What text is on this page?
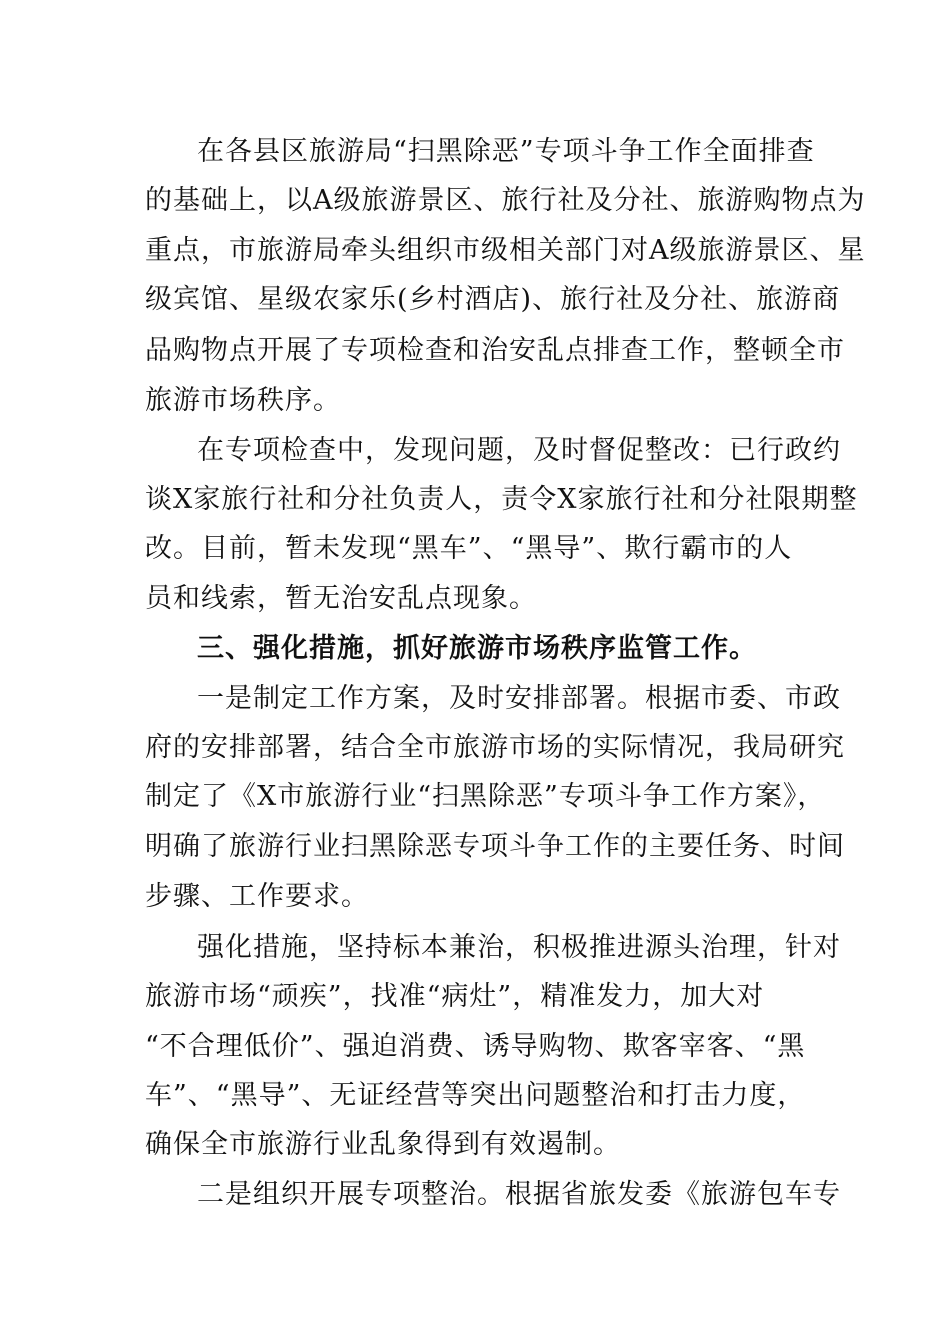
在各县区旅游局“扫黑除恶”专项斗争工作全面排查
的基础上，以A级旅游景区、旅行社及分社、旅游购物点为
重点，市旅游局牵头组织市级相关部门对A级旅游景区、星
级宾馆、星级农家乐(乡村酒店)、旅行社及分社、旅游商
品购物点开展了专项检查和治安乱点排查工作，整顿全市
旅游市场秩序。
在专项检查中，发现问题，及时督促整改：已行政约
谈X家旅行社和分社负责人，责令X家旅行社和分社限期整
改。目前，暂未发现“黑车”、“黑导”、欺行霸市的人
员和线索，暂无治安乱点现象。
三、强化措施，抓好旅游市场秩序监管工作。
一是制定工作方案，及时安排部署。根据市委、市政
府的安排部署，结合全市旅游市场的实际情况，我局研究
制定了《X市旅游行业“扫黑除恶”专项斗争工作方案》，
明确了旅游行业扫黑除恶专项斗争工作的主要任务、时间
步骤、工作要求。
强化措施，坚持标本兼治，积极推进源头治理，针对
旅游市场“顽疾”，找准“病灶”，精准发力，加大对
“不合理低价”、强迫消费、诱导购物、欺客宰客、“黑
车”、“黑导”、无证经营等突出问题整治和打击力度，
确保全市旅游行业乱象得到有效遏制。
二是组织开展专项整治。根据省旅发委《旅游包车专
